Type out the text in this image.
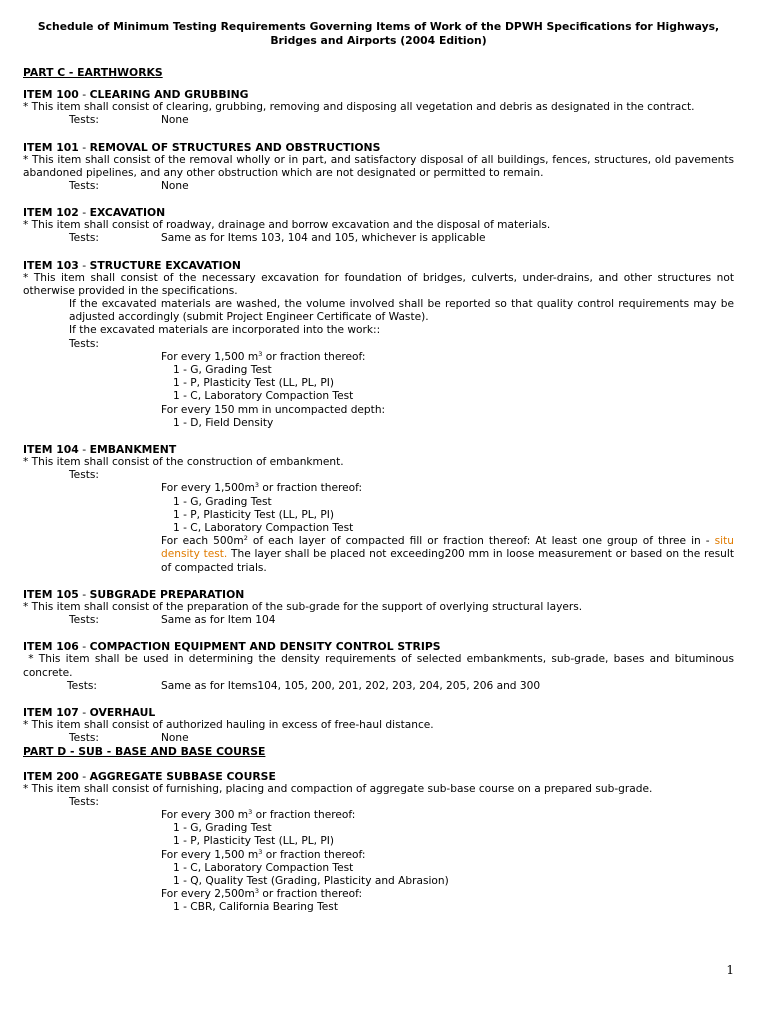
Schedule of Minimum Testing Requirements Governing Items of Work of the DPWH Specifications for Highways, Bridges and Airports (2004 Edition)
PART C - EARTHWORKS
ITEM 100 - CLEARING AND GRUBBING
* This item shall consist of clearing, grubbing, removing and disposing all vegetation and debris as designated in the contract.
Tests:	None
ITEM 101 - REMOVAL OF STRUCTURES AND OBSTRUCTIONS
* This item shall consist of the removal wholly or in part, and satisfactory disposal of all buildings, fences, structures, old pavements abandoned pipelines, and any other obstruction which are not designated or permitted to remain.
Tests:	None
ITEM 102 - EXCAVATION
* This item shall consist of roadway, drainage and borrow excavation and the disposal of materials.
Tests:	Same as for Items 103, 104 and 105, whichever is applicable
ITEM 103 - STRUCTURE EXCAVATION
* This item shall consist of the necessary excavation for foundation of bridges, culverts, under-drains, and other structures not otherwise provided in the specifications.
If the excavated materials are washed, the volume involved shall be reported so that quality control requirements may be adjusted accordingly (submit Project Engineer Certificate of Waste).
If the excavated materials are incorporated into the work::
Tests:
For every 1,500 $m^3$ or fraction thereof:
1 - G, Grading Test
1 - P, Plasticity Test (LL, PL, PI)
1 - C, Laboratory Compaction Test
For every 150 mm in uncompacted depth:
1 - D, Field Density
ITEM 104 - EMBANKMENT
* This item shall consist of the construction of embankment.
Tests:
For every $1,500m^3$ or fraction thereof:
1 - G, Grading Test
1 - P, Plasticity Test (LL, PL, PI)
1 - C, Laboratory Compaction Test
For each $500m^2$ of each layer of compacted fill or fraction thereof: At least one group of three in - situ density test. The layer shall be placed not exceeding200 mm in loose measurement or based on the result of compacted trials.
ITEM 105 - SUBGRADE PREPARATION
* This item shall consist of the preparation of the sub-grade for the support of overlying structural layers.
Tests:	Same as for Item 104
ITEM 106 - COMPACTION EQUIPMENT AND DENSITY CONTROL STRIPS
* This item shall be used in determining the density requirements of selected embankments, sub-grade, bases and bituminous concrete.
Tests:	Same as for Items104, 105, 200, 201, 202, 203, 204, 205, 206 and 300
ITEM 107 - OVERHAUL
* This item shall consist of authorized hauling in excess of free-haul distance.
Tests:	None
PART D - SUB - BASE AND BASE COURSE
ITEM 200 - AGGREGATE SUBBASE COURSE
* This item shall consist of furnishing, placing and compaction of aggregate sub-base course on a prepared sub-grade.
Tests:
For every 300 $m^3$ or fraction thereof:
1 - G, Grading Test
1 - P, Plasticity Test (LL, PL, PI)
For every 1,500 $m^3$ or fraction thereof:
1 - C, Laboratory Compaction Test
1 - Q, Quality Test (Grading, Plasticity and Abrasion)
For every $2,500m^3$ or fraction thereof:
1 - CBR, California Bearing Test
1
